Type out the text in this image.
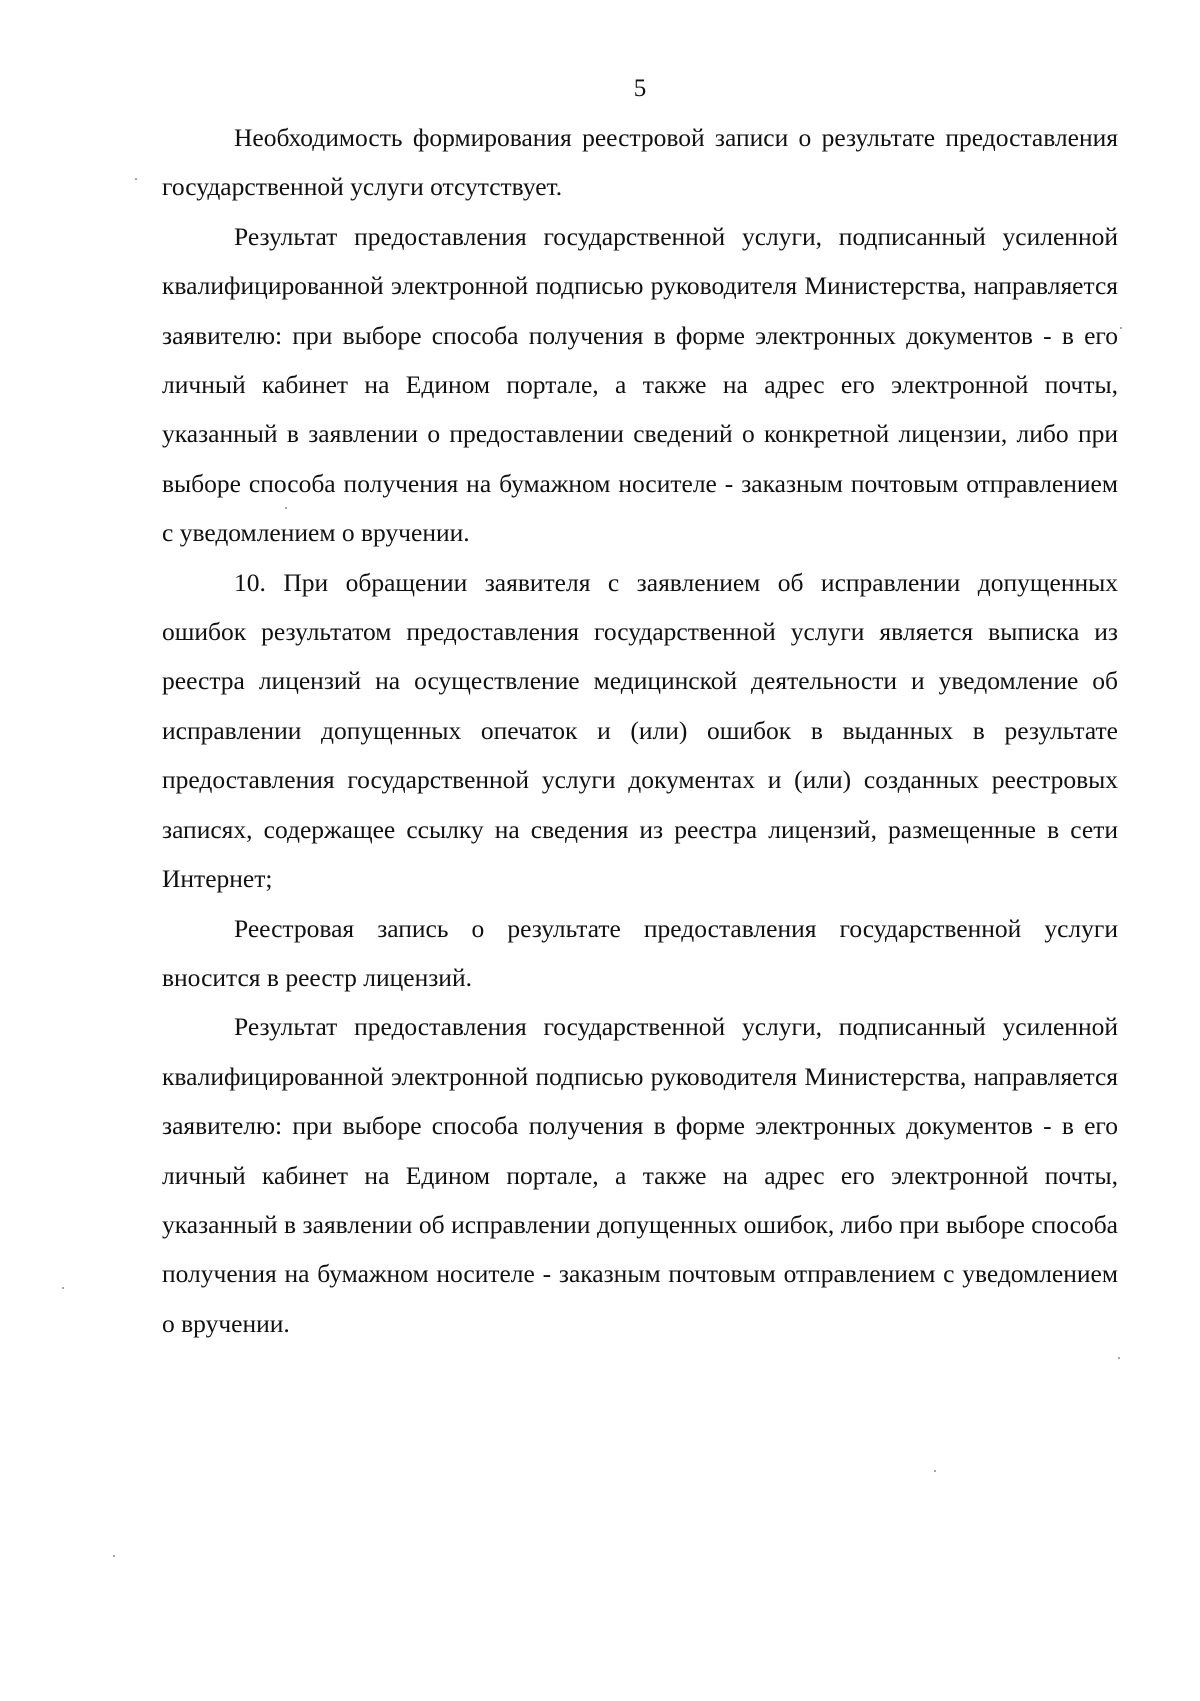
5

Необходимость формирования реестровой записи о результате предоставления государственной услуги отсутствует.

Результат предоставления государственной услуги, подписанный усиленной квалифицированной электронной подписью руководителя Министерства, направляется заявителю: при выборе способа получения в форме электронных документов - в его личный кабинет на Едином портале, а также на адрес его электронной почты, указанный в заявлении о предоставлении сведений о конкретной лицензии, либо при выборе способа получения на бумажном носителе - заказным почтовым отправлением с уведомлением о вручении.

10. При обращении заявителя с заявлением об исправлении допущенных ошибок результатом предоставления государственной услуги является выписка из реестра лицензий на осуществление медицинской деятельности и уведомление об исправлении допущенных опечаток и (или) ошибок в выданных в результате предоставления государственной услуги документах и (или) созданных реестровых записях, содержащее ссылку на сведения из реестра лицензий, размещенные в сети Интернет;

Реестровая запись о результате предоставления государственной услуги вносится в реестр лицензий.

Результат предоставления государственной услуги, подписанный усиленной квалифицированной электронной подписью руководителя Министерства, направляется заявителю: при выборе способа получения в форме электронных документов - в его личный кабинет на Едином портале, а также на адрес его электронной почты, указанный в заявлении об исправлении допущенных ошибок, либо при выборе способа получения на бумажном носителе - заказным почтовым отправлением с уведомлением о вручении.
